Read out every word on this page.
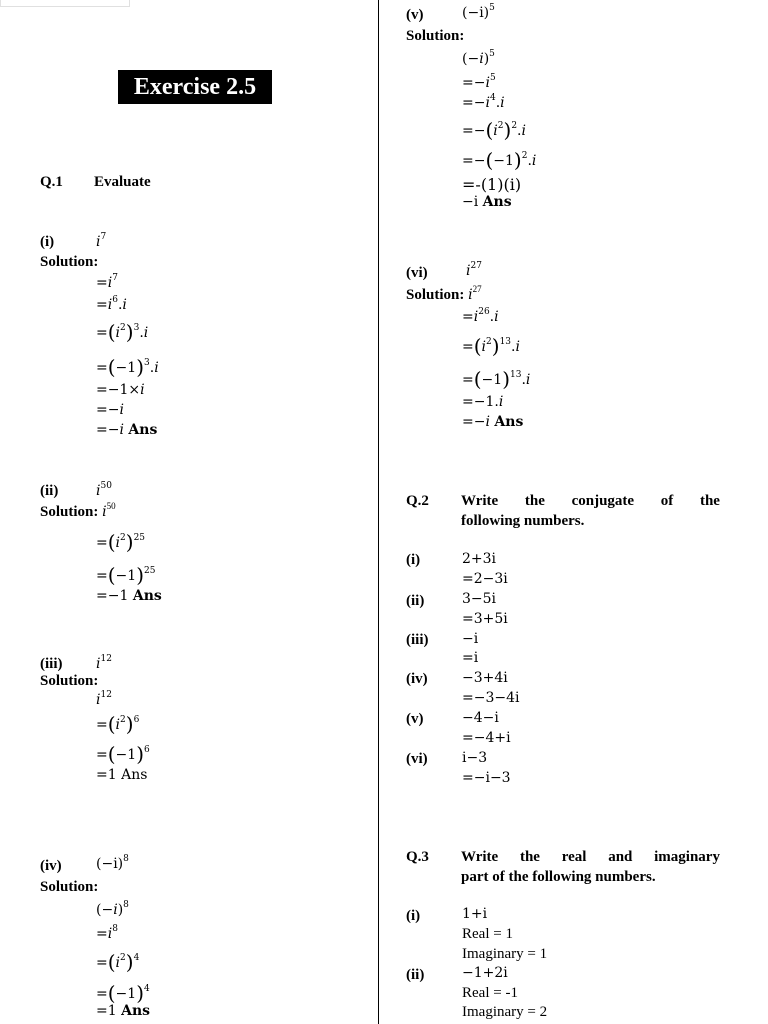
Exercise 2.5
Q.1 Evaluate
(i)	$i^7$
Solution:
$=i^7$
$=i^6.i$
$=(i^2)^3.i$
$=(-1)^3.i$
=−1×i
=−i
=−i Ans
(ii)	$i^{50}$
Solution: $i^{50}$
$=(i^2)^{25}$
$=(-1)^{25}$
=−1 Ans
(iii) $i^{12}$
Solution:
$i^{12}$
$=(i^2)^6$
$=(-1)^6$
=1 Ans
(iv) $(-i)^8$
Solution:
$(-i)^8$
$=i^8$
$=(i^2)^4$
$=(-1)^4$
=1 Ans
(v)	$(-i)^5$
Solution:
$(-i)^5$
$=-i^5$
$=-i^4.i$
$=-(i^2)^2.i$
$=-(-1)^2.i$
=-(1)(i)
−i Ans
(vi)	$i^{27}$
Solution: $i^{27}$
$=i^{26}.i$
$=(i^2)^{13}.i$
$=(-1)^{13}.i$
=−1.i
=−i Ans
Q.2 Write the conjugate of the
following numbers.
(i)	2+3i
=2−3i
(ii)	3−5i
=3+5i
(iii) −i
=i
(iv) −3+4i
=−3−4i
(v)	−4−i
=−4+i
(vi) i−3
=−i−3
Q.3 Write the real and imaginary
part of the following numbers.
(i)	1+i
Real = 1
Imaginary = 1
(ii)	−1+2i
Real = -1
Imaginary = 2
